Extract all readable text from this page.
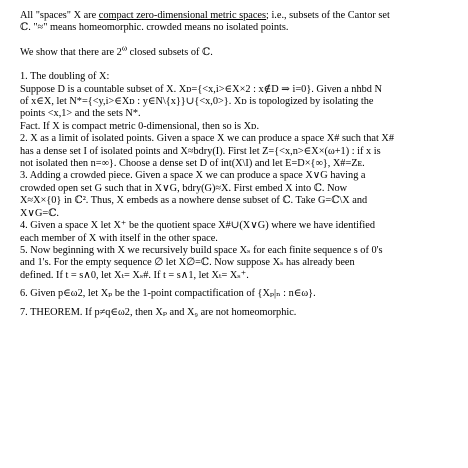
All "spaces" X are compact zero-dimensional metric spaces; i.e., subsets of the Cantor set

ℂ. "≈" means homeomorphic. crowded means no isolated points.

We show that there are $2^\omega$ closed subsets of ℂ.

1. The doubling of X:

Suppose D is a countable subset of X. Xᴅ={<x,i>∈X×2 : x∉D ⇒ i=0}. Given a nhbd N

of x∈X, let N*={<y,i>∈Xᴅ : y∈N\{x}}∪{<x,0>}. Xᴅ is topologized by isolating the

points <x,1> and the sets N*.

Fact. If X is compact metric 0-dimensional, then so is Xᴅ.

2. X as a limit of isolated points. Given a space X we can produce a space X# such that X#

has a dense set I of isolated points and X≈bdry(I). First let Z={<x,n>∈X×(ω+1) : if x is

not isolated then n=∞}. Choose a dense set D of int(X\I) and let E=D×{∞}, X#=Zᴇ.

3. Adding a crowded piece. Given a space X we can produce a space X∨G having a

crowded open set G such that in X∨G, bdry(G)≈X. First embed X into ℂ. Now

X≈X×{0} in ℂ². Thus, X embeds as a nowhere dense subset of ℂ. Take G=ℂ\X and

X∨G=ℂ.

4. Given a space X let X⁺ be the quotient space X#∪(X∨G) where we have identified

each member of X with itself in the other space.

5. Now beginning with X we recursively build space Xₛ for each finite sequence s of 0's

and 1's. For the empty sequence ∅ let X∅=ℂ. Now suppose Xₛ has already been

defined. If t = s∧0, let Xₜ= Xₛ#. If t = s∧1, let Xₜ= Xₛ⁺.

6. Given p∈ω2, let Xₚ be the 1-point compactification of {Xₚ|ₙ : n∈ω}.

7. THEOREM. If p≠q∈ω2, then Xₚ and X₉ are not homeomorphic.
